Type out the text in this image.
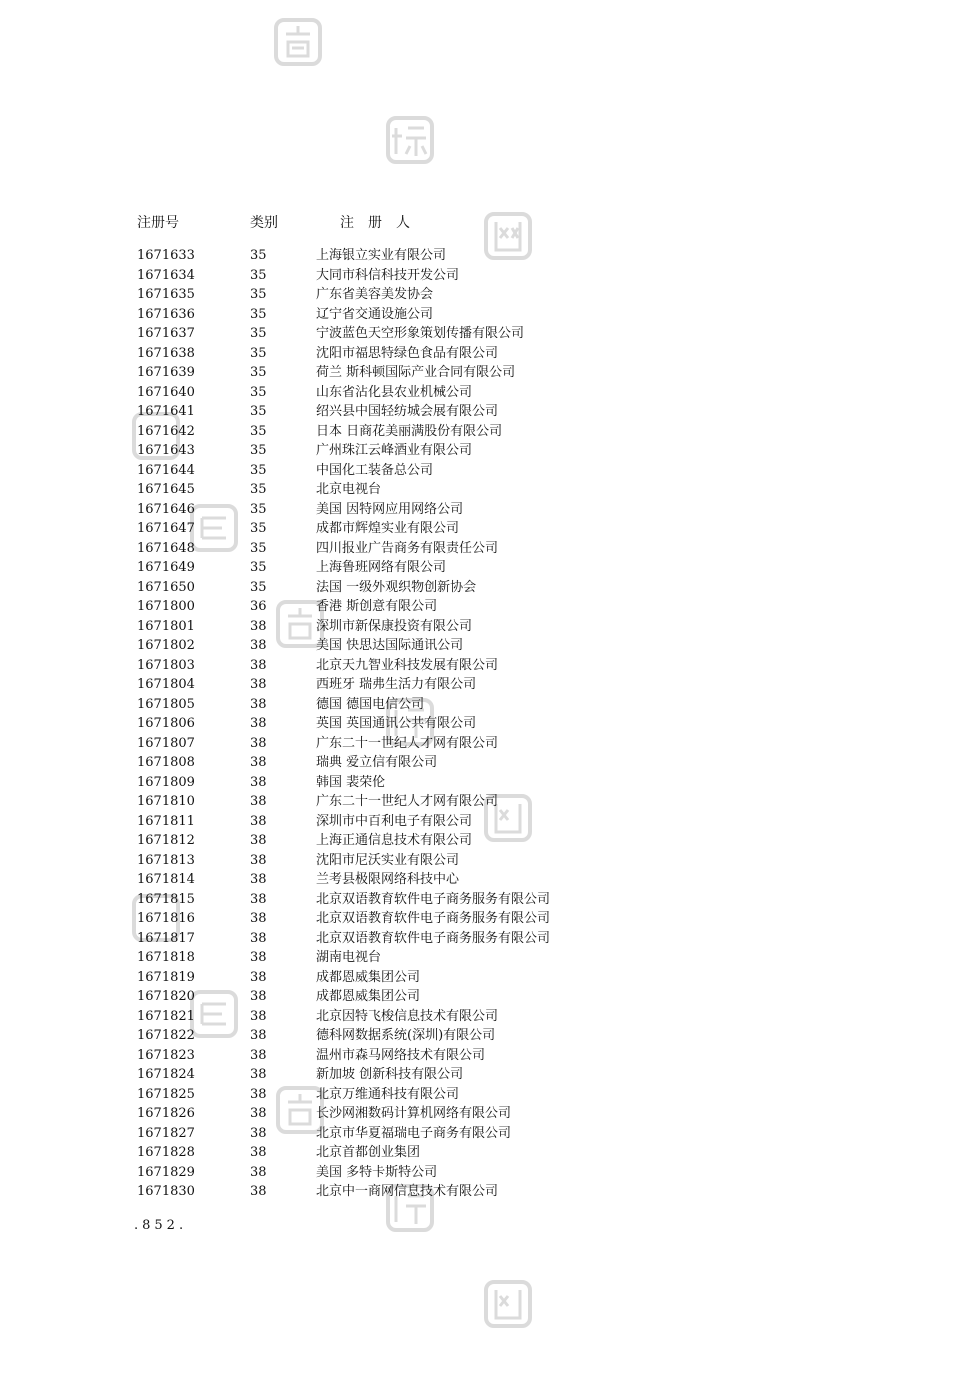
注册号	类别	注　册　人
1671633	35	上海银立实业有限公司
1671634	35	大同市科信科技开发公司
1671635	35	广东省美容美发协会
1671636	35	辽宁省交通设施公司
1671637	35	宁波蓝色天空形象策划传播有限公司
1671638	35	沈阳市福思特绿色食品有限公司
1671639	35	荷兰 斯科顿国际产业合同有限公司
1671640	35	山东省沾化县农业机械公司
1671641	35	绍兴县中国轻纺城会展有限公司
1671642	35	日本 日商花美丽满股份有限公司
1671643	35	广州珠江云峰酒业有限公司
1671644	35	中国化工装备总公司
1671645	35	北京电视台
1671646	35	美国 因特网应用网络公司
1671647	35	成都市辉煌实业有限公司
1671648	35	四川报业广告商务有限责任公司
1671649	35	上海鲁班网络有限公司
1671650	35	法国 一级外观织物创新协会
1671800	36	香港 斯创意有限公司
1671801	38	深圳市新保康投资有限公司
1671802	38	美国 快思达国际通讯公司
1671803	38	北京天九智业科技发展有限公司
1671804	38	西班牙 瑞弗生活力有限公司
1671805	38	德国 德国电信公司
1671806	38	英国 英国通讯公共有限公司
1671807	38	广东二十一世纪人才网有限公司
1671808	38	瑞典 爱立信有限公司
1671809	38	韩国 裴荣伦
1671810	38	广东二十一世纪人才网有限公司
1671811	38	深圳市中百利电子有限公司
1671812	38	上海正通信息技术有限公司
1671813	38	沈阳市尼沃实业有限公司
1671814	38	兰考县极限网络科技中心
1671815	38	北京双语教育软件电子商务服务有限公司
1671816	38	北京双语教育软件电子商务服务有限公司
1671817	38	北京双语教育软件电子商务服务有限公司
1671818	38	湖南电视台
1671819	38	成都恩威集团公司
1671820	38	成都恩威集团公司
1671821	38	北京因特飞梭信息技术有限公司
1671822	38	德科网数据系统(深圳)有限公司
1671823	38	温州市森马网络技术有限公司
1671824	38	新加坡 创新科技有限公司
1671825	38	北京万维通科技有限公司
1671826	38	长沙网湘数码计算机网络有限公司
1671827	38	北京市华夏福瑞电子商务有限公司
1671828	38	北京首都创业集团
1671829	38	美国 多特卡斯特公司
1671830	38	北京中一商网信息技术有限公司
.852.
